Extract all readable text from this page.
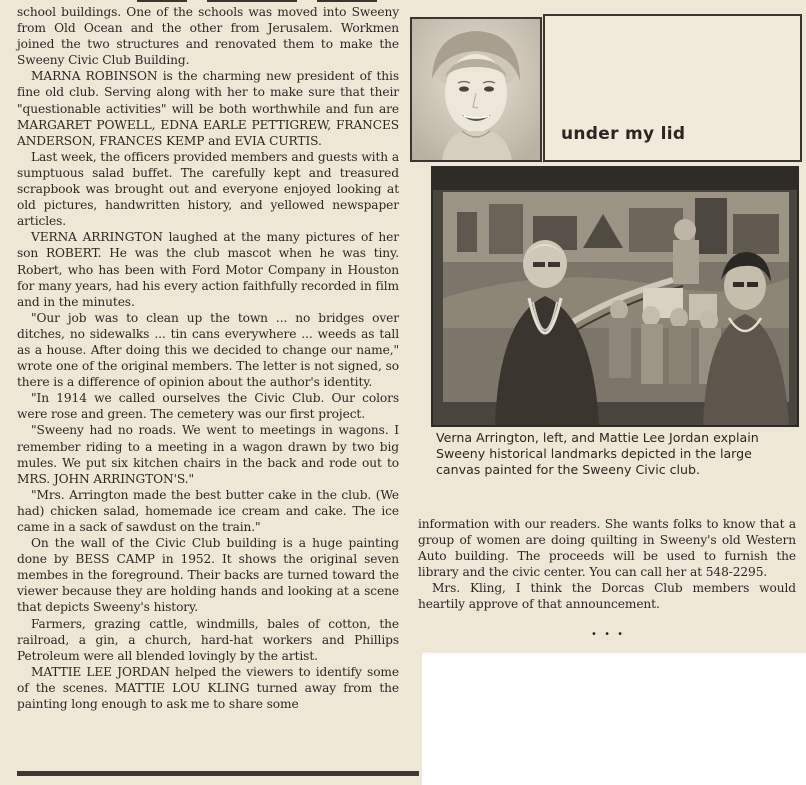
school buildings. One of the schools was moved into Sweeny from Old Ocean and the other from Jerusalem. Workmen joined the two structures and renovated them to make the Sweeny Civic Club Building.

MARNA ROBINSON is the charming new president of this fine old club. Serving along with her to make sure that their "questionable activities" will be both worthwhile and fun are MARGARET POWELL, EDNA EARLE PETTIGREW, FRANCES ANDERSON, FRANCES KEMP and EVIA CURTIS.

Last week, the officers provided members and guests with a sumptuous salad buffet. The carefully kept and treasured scrapbook was brought out and everyone enjoyed looking at old pictures, handwritten history, and yellowed newspaper articles.

VERNA ARRINGTON laughed at the many pictures of her son ROBERT. He was the club mascot when he was tiny. Robert, who has been with Ford Motor Company in Houston for many years, had his every action faithfully recorded in film and in the minutes.

"Our job was to clean up the town ... no bridges over ditches, no sidewalks ... tin cans everywhere ... weeds as tall as a house. After doing this we decided to change our name," wrote one of the original members. The letter is not signed, so there is a difference of opinion about the author's identity.

"In 1914 we called ourselves the Civic Club. Our colors were rose and green. The cemetery was our first project.

"Sweeny had no roads. We went to meetings in wagons. I remember riding to a meeting in a wagon drawn by two big mules. We put six kitchen chairs in the back and rode out to MRS. JOHN ARRINGTON'S."

"Mrs. Arrington made the best butter cake in the club. (We had) chicken salad, homemade ice cream and cake. The ice came in a sack of sawdust on the train."

On the wall of the Civic Club building is a huge painting done by BESS CAMP in 1952. It shows the original seven membes in the foreground. Their backs are turned toward the viewer because they are holding hands and looking at a scene that depicts Sweeny's history.

Farmers, grazing cattle, windmills, bales of cotton, the railroad, a gin, a church, hard-hat workers and Phillips Petroleum were all blended lovingly by the artist.

MATTIE LEE JORDAN helped the viewers to identify some of the scenes. MATTIE LOU KLING turned away from the painting long enough to ask me to share some

under my lid
Verna Arrington, left, and Mattie Lee Jordan explain Sweeny historical landmarks depicted in the large canvas painted for the Sweeny Civic club.

information with our readers. She wants folks to know that a group of women are doing quilting in Sweeny's old Western Auto building. The proceeds will be used to furnish the library and the civic center. You can call her at 548-2295.

Mrs. Kling, I think the Dorcas Club members would heartily approve of that announcement.

• • •
